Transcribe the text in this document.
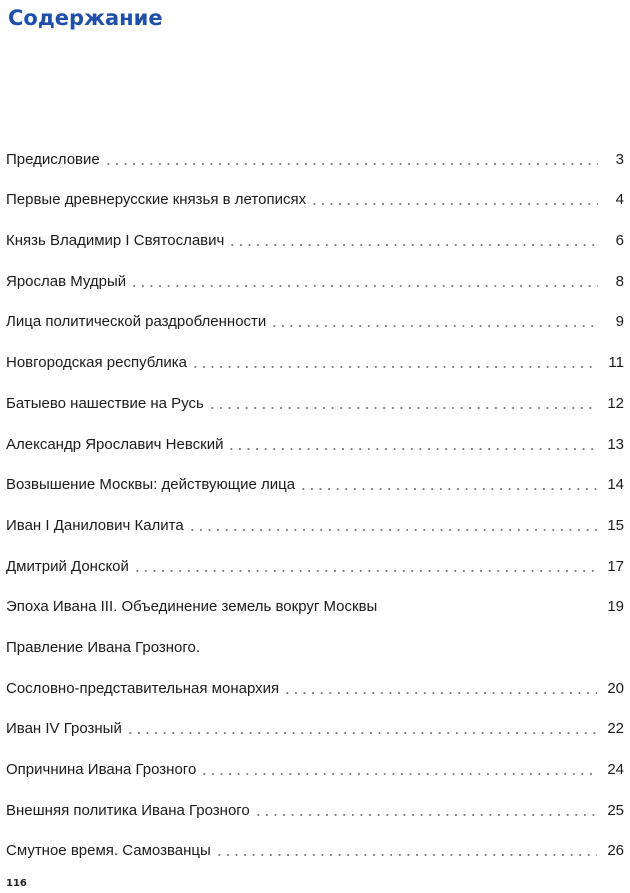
Содержание
Предисловие	3
Первые древнерусские князья в летописях	4
Князь Владимир I Святославич	6
Ярослав Мудрый	8
Лица политической раздробленности	9
Новгородская республика	11
Батыево нашествие на Русь	12
Александр Ярославич Невский	13
Возвышение Москвы: действующие лица	14
Иван I Данилович Калита	15
Дмитрий Донской	17
Эпоха Ивана III. Объединение земель вокруг Москвы	19
Правление Ивана Грозного.
Сословно-представительная монархия	20
Иван IV Грозный	22
Опричнина Ивана Грозного	24
Внешняя политика Ивана Грозного	25
Смутное время. Самозванцы	26
116
